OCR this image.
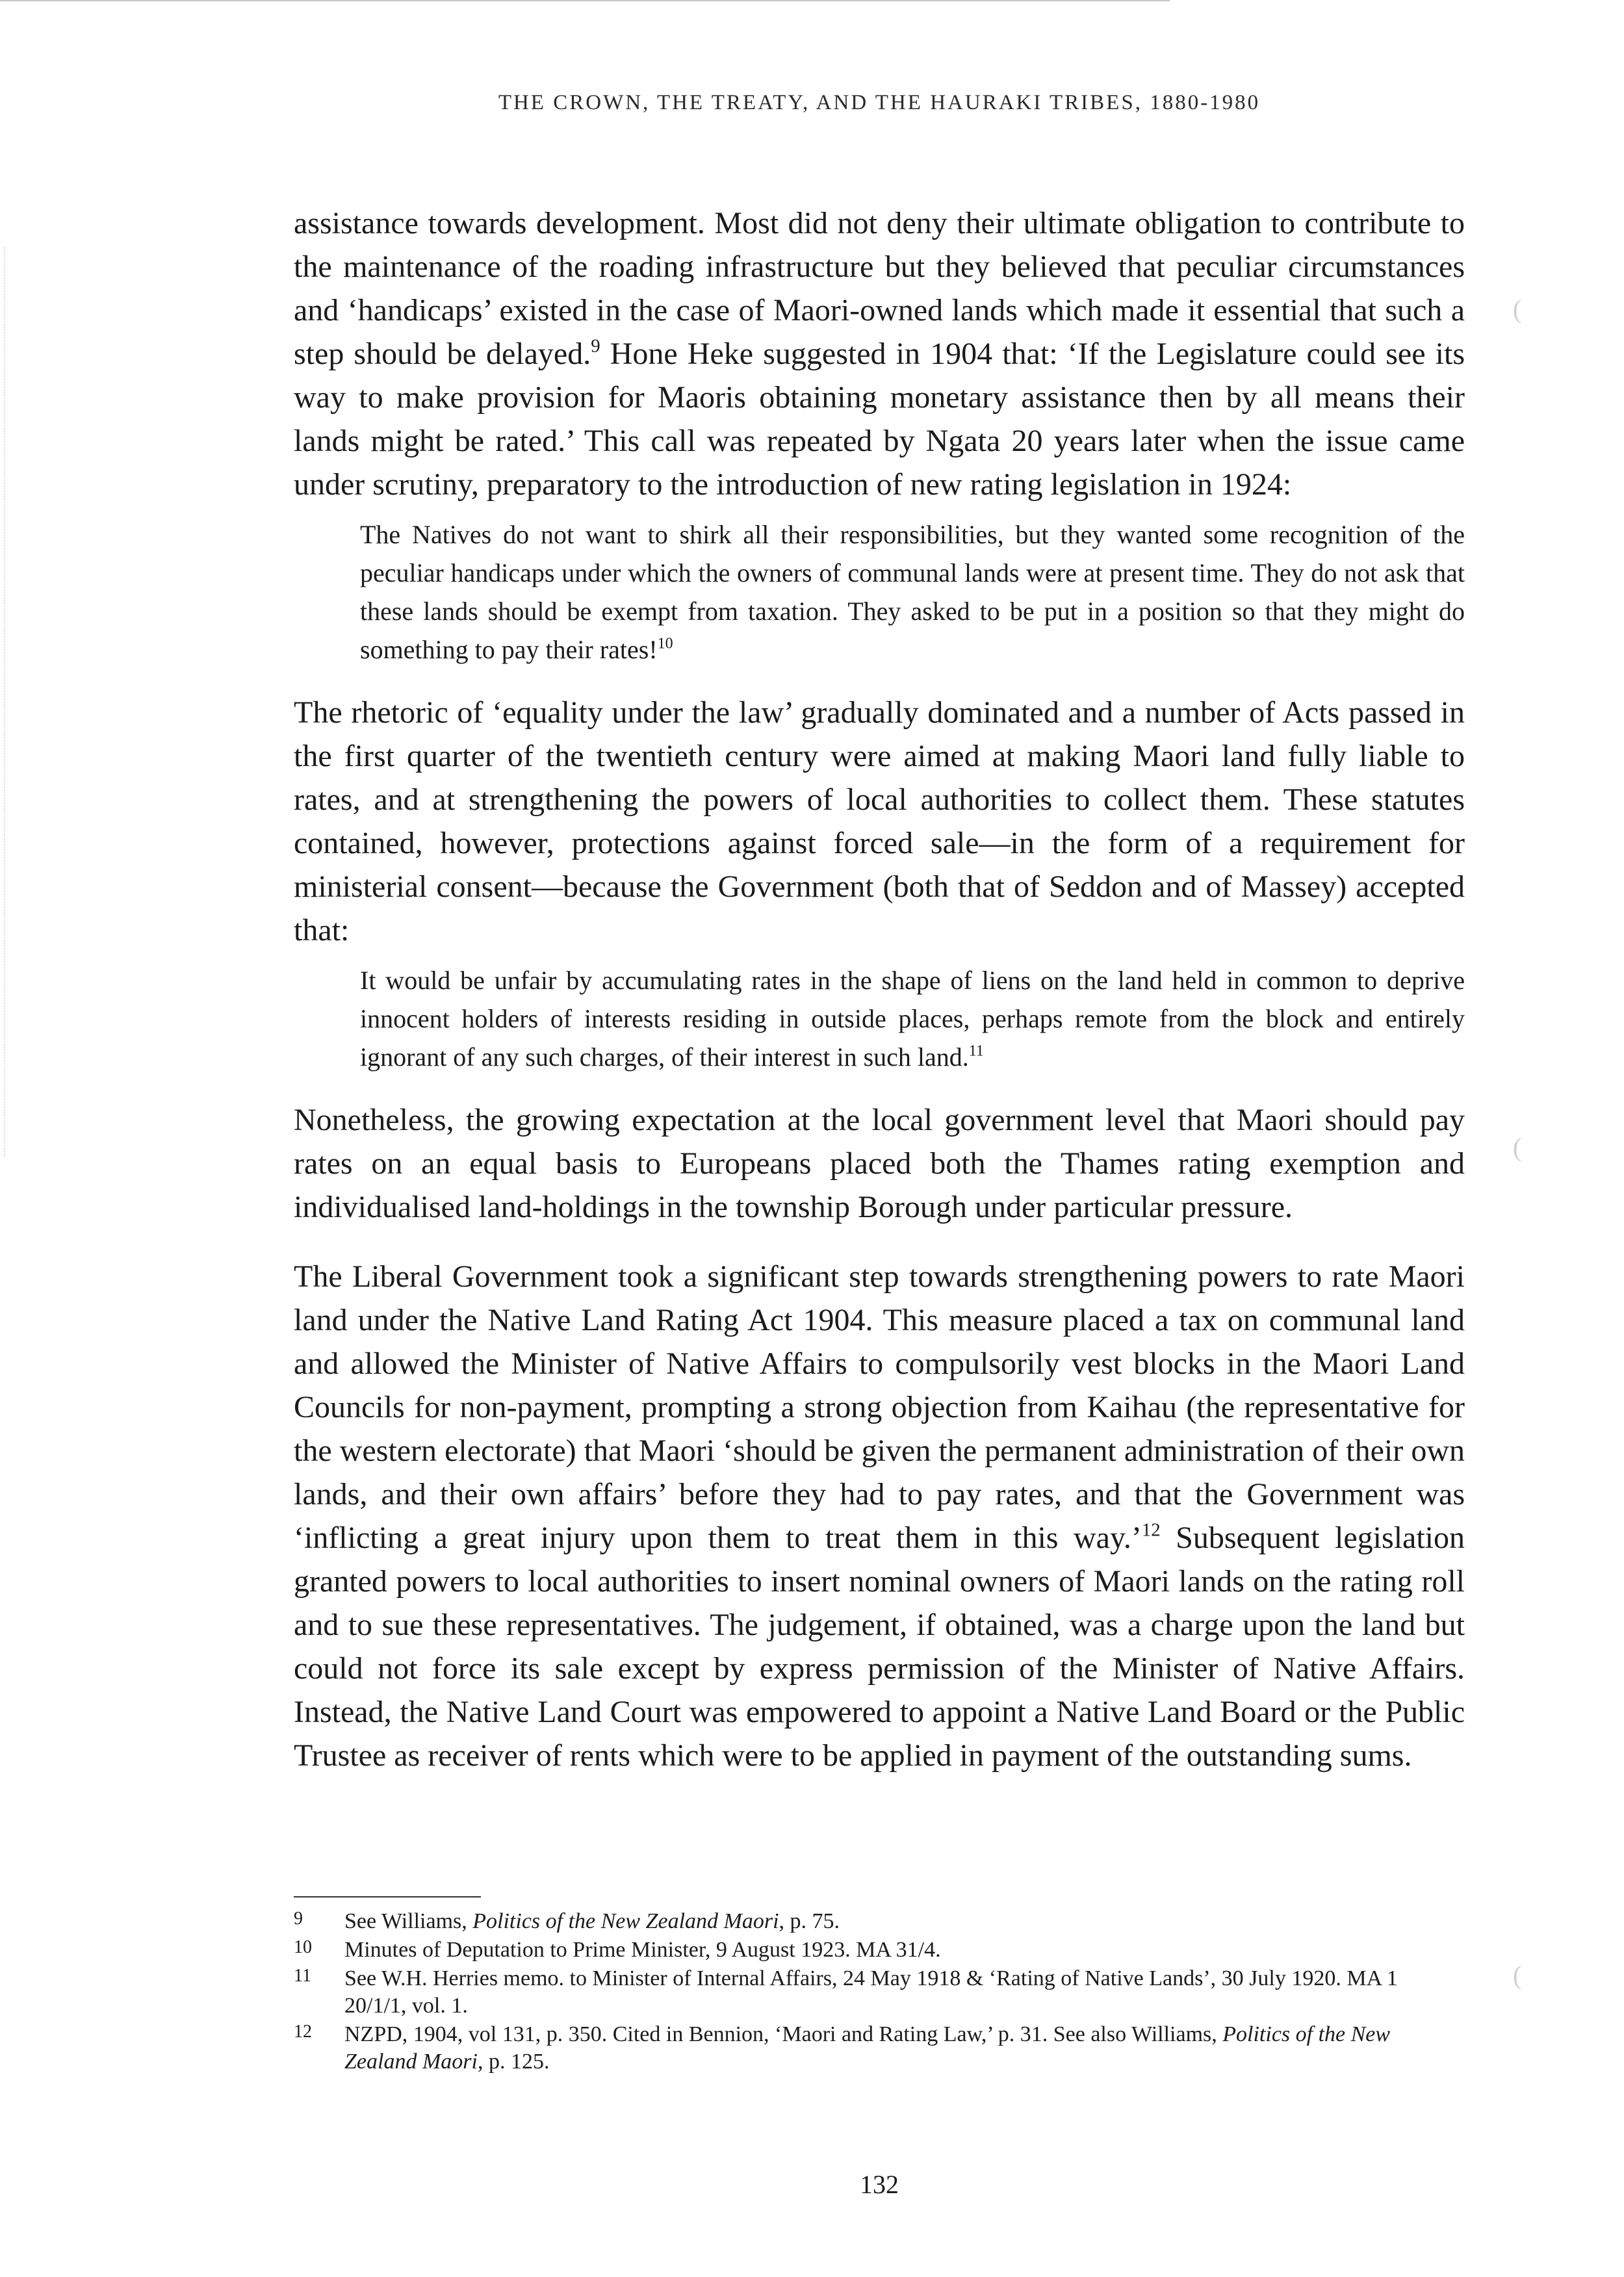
(
(
(
THE CROWN, THE TREATY, AND THE HAURAKI TRIBES, 1880-1980

assistance towards development. Most did not deny their ultimate obligation to contribute to the maintenance of the roading infrastructure but they believed that peculiar circumstances and ‘handicaps’ existed in the case of Maori-owned lands which made it essential that such a step should be delayed.$^9$ Hone Heke suggested in 1904 that: ‘If the Legislature could see its way to make provision for Maoris obtaining monetary assistance then by all means their lands might be rated.’ This call was repeated by Ngata 20 years later when the issue came under scrutiny, preparatory to the introduction of new rating legislation in 1924:

The Natives do not want to shirk all their responsibilities, but they wanted some recognition of the peculiar handicaps under which the owners of communal lands were at present time. They do not ask that these lands should be exempt from taxation. They asked to be put in a position so that they might do something to pay their rates!$^{10}$

The rhetoric of ‘equality under the law’ gradually dominated and a number of Acts passed in the first quarter of the twentieth century were aimed at making Maori land fully liable to rates, and at strengthening the powers of local authorities to collect them. These statutes contained, however, protections against forced sale—in the form of a requirement for ministerial consent—because the Government (both that of Seddon and of Massey) accepted that:

It would be unfair by accumulating rates in the shape of liens on the land held in common to deprive innocent holders of interests residing in outside places, perhaps remote from the block and entirely ignorant of any such charges, of their interest in such land.$^{11}$

Nonetheless, the growing expectation at the local government level that Maori should pay rates on an equal basis to Europeans placed both the Thames rating exemption and individualised land-holdings in the township Borough under particular pressure.

The Liberal Government took a significant step towards strengthening powers to rate Maori land under the Native Land Rating Act 1904. This measure placed a tax on communal land and allowed the Minister of Native Affairs to compulsorily vest blocks in the Maori Land Councils for non-payment, prompting a strong objection from Kaihau (the representative for the western electorate) that Maori ‘should be given the permanent administration of their own lands, and their own affairs’ before they had to pay rates, and that the Government was ‘inflicting a great injury upon them to treat them in this way.’$^{12}$ Subsequent legislation granted powers to local authorities to insert nominal owners of Maori lands on the rating roll and to sue these representatives. The judgement, if obtained, was a charge upon the land but could not force its sale except by express permission of the Minister of Native Affairs. Instead, the Native Land Court was empowered to appoint a Native Land Board or the Public Trustee as receiver of rents which were to be applied in payment of the outstanding sums.

9 See Williams, Politics of the New Zealand Maori, p. 75.
10 Minutes of Deputation to Prime Minister, 9 August 1923. MA 31/4.
11 See W.H. Herries memo. to Minister of Internal Affairs, 24 May 1918 & ‘Rating of Native Lands’, 30 July 1920. MA 1 20/1/1, vol. 1.
12 NZPD, 1904, vol 131, p. 350. Cited in Bennion, ‘Maori and Rating Law,’ p. 31. See also Williams, Politics of the New Zealand Maori, p. 125.
132
